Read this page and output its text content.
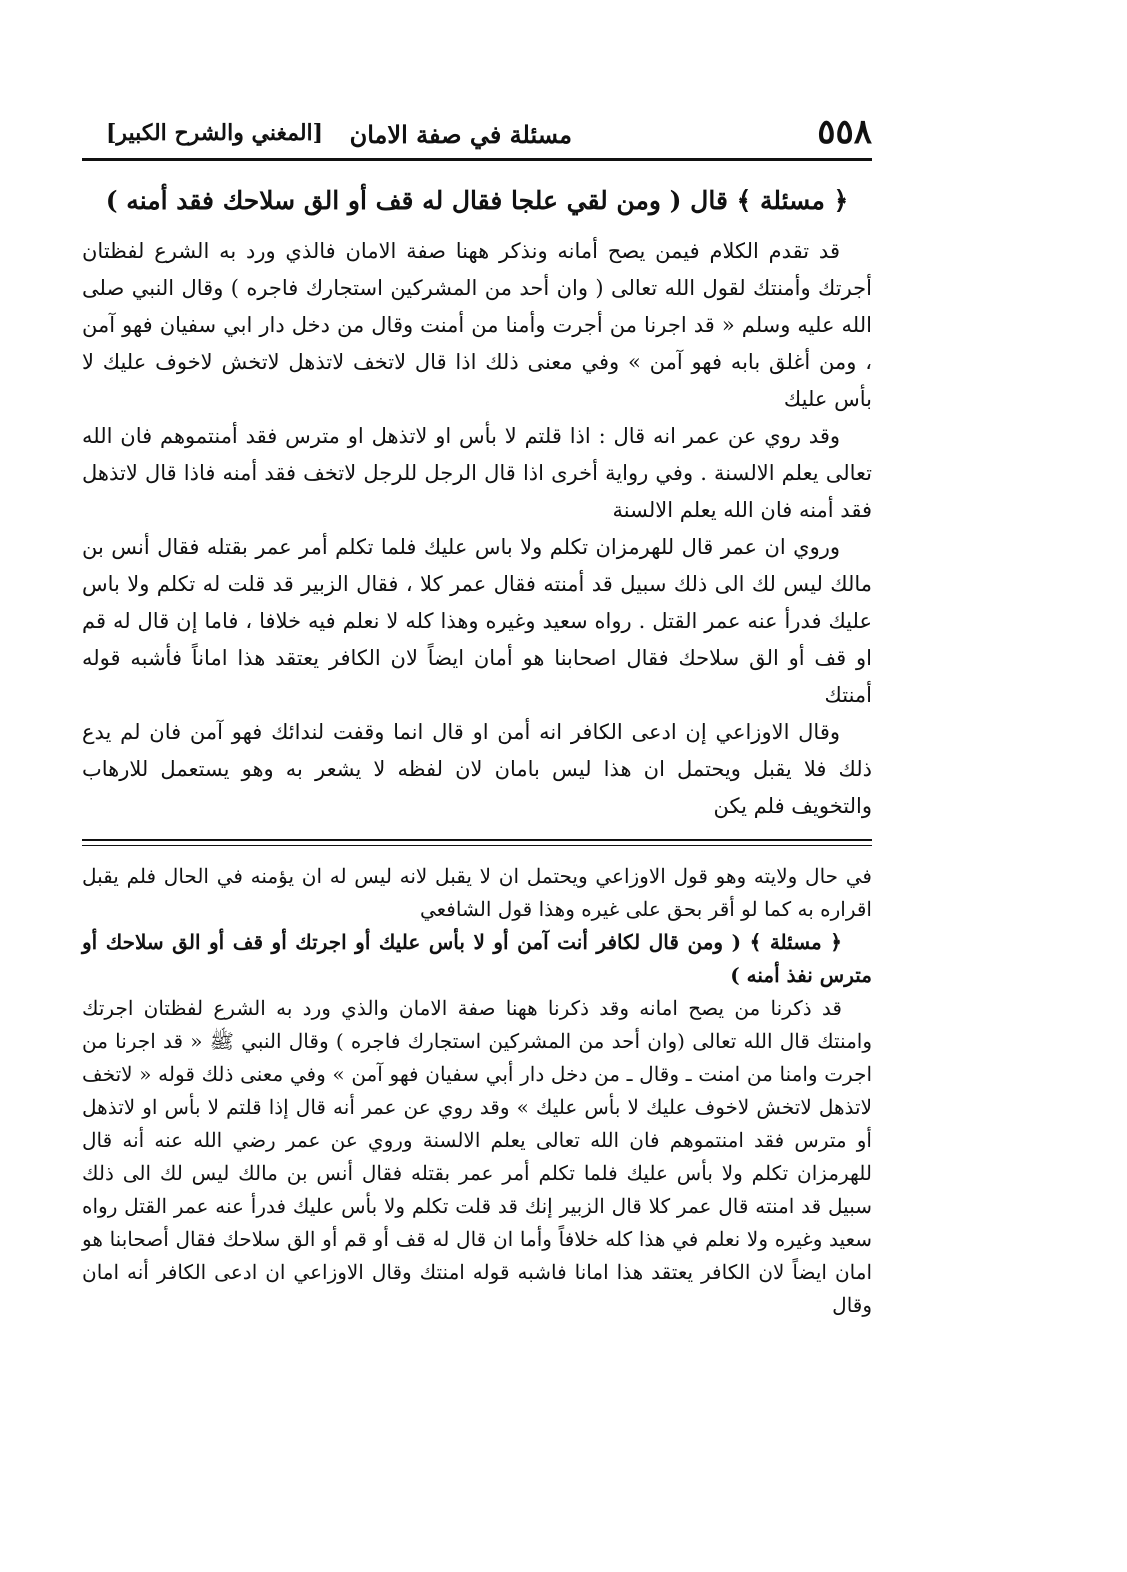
٥٥٨
مسئلة في صفة الامان
[المغني والشرح الكبير]
﴿ مسئلة ﴾ قال ( ومن لقي علجا فقال له قف أو الق سلاحك فقد أمنه )

قد تقدم الكلام فيمن يصح أمانه ونذكر ههنا صفة الامان فالذي ورد به الشرع لفظتان أجرتك وأمنتك لقول الله تعالى ( وان أحد من المشركين استجارك فاجره ) وقال النبي صلى الله عليه وسلم « قد اجرنا من أجرت وأمنا من أمنت وقال من دخل دار ابي سفيان فهو آمن ، ومن أغلق بابه فهو آمن » وفي معنى ذلك اذا قال لاتخف لاتذهل لاتخش لاخوف عليك لا بأس عليك

وقد روي عن عمر انه قال : اذا قلتم لا بأس او لاتذهل او مترس فقد أمنتموهم فان الله تعالى يعلم الالسنة . وفي رواية أخرى اذا قال الرجل للرجل لاتخف فقد أمنه فاذا قال لاتذهل فقد أمنه فان الله يعلم الالسنة

وروي ان عمر قال للهرمزان تكلم ولا باس عليك فلما تكلم أمر عمر بقتله فقال أنس بن مالك ليس لك الى ذلك سبيل قد أمنته فقال عمر كلا ، فقال الزبير قد قلت له تكلم ولا باس عليك فدرأ عنه عمر القتل . رواه سعيد وغيره وهذا كله لا نعلم فيه خلافا ، فاما إن قال له قم او قف أو الق سلاحك فقال اصحابنا هو أمان ايضاً لان الكافر يعتقد هذا اماناً فأشبه قوله أمنتك

وقال الاوزاعي إن ادعى الكافر انه أمن او قال انما وقفت لندائك فهو آمن فان لم يدع ذلك فلا يقبل ويحتمل ان هذا ليس بامان لان لفظه لا يشعر به وهو يستعمل للارهاب والتخويف فلم يكن

في حال ولايته وهو قول الاوزاعي ويحتمل ان لا يقبل لانه ليس له ان يؤمنه في الحال فلم يقبل اقراره به كما لو أقر بحق على غيره وهذا قول الشافعي

﴿ مسئلة ﴾ ( ومن قال لكافر أنت آمن أو لا بأس عليك أو اجرتك أو قف أو الق سلاحك أو مترس نفذ أمنه )

قد ذكرنا من يصح امانه وقد ذكرنا ههنا صفة الامان والذي ورد به الشرع لفظتان اجرتك وامنتك قال الله تعالى (وان أحد من المشركين استجارك فاجره ) وقال النبي ﷺ « قد اجرنا من اجرت وامنا من امنت ـ وقال ـ من دخل دار أبي سفيان فهو آمن » وفي معنى ذلك قوله « لاتخف لاتذهل لاتخش لاخوف عليك لا بأس عليك » وقد روي عن عمر أنه قال إذا قلتم لا بأس او لاتذهل أو مترس فقد امنتموهم فان الله تعالى يعلم الالسنة وروي عن عمر رضي الله عنه أنه قال للهرمزان تكلم ولا بأس عليك فلما تكلم أمر عمر بقتله فقال أنس بن مالك ليس لك الى ذلك سبيل قد امنته قال عمر كلا قال الزبير إنك قد قلت تكلم ولا بأس عليك فدرأ عنه عمر القتل رواه سعيد وغيره ولا نعلم في هذا كله خلافاً وأما ان قال له قف أو قم أو الق سلاحك فقال أصحابنا هو امان ايضاً لان الكافر يعتقد هذا امانا فاشبه قوله امنتك وقال الاوزاعي ان ادعى الكافر أنه امان وقال
